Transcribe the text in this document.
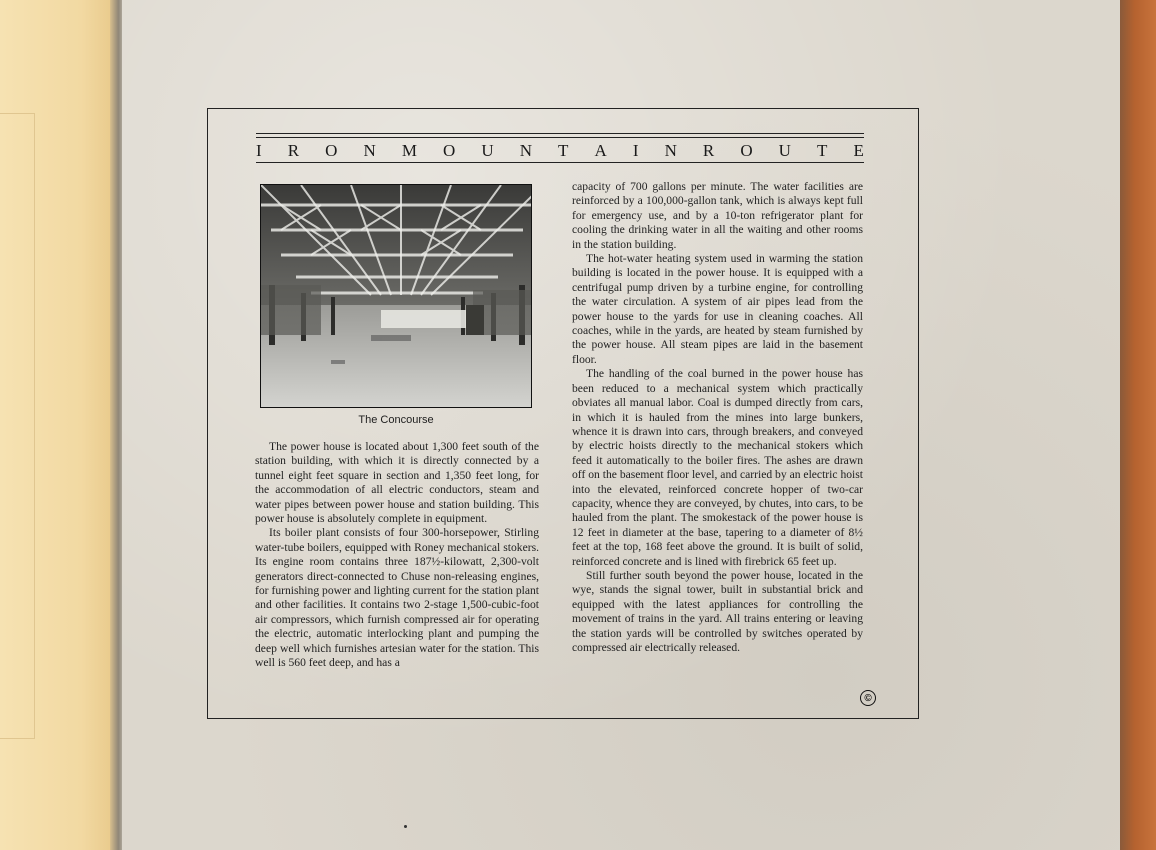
I R O N M O U N T A I N R O U T E
The Concourse

The power house is located about 1,300 feet south of the station building, with which it is directly connected by a tunnel eight feet square in section and 1,350 feet long, for the accommodation of all electric conductors, steam and water pipes between power house and station building. This power house is absolutely complete in equipment.

Its boiler plant consists of four 300-horsepower, Stirling water-tube boilers, equipped with Roney mechanical stokers. Its engine room contains three 187½-kilowatt, 2,300-volt generators direct-connected to Chuse non-releasing engines, for furnishing power and lighting current for the station plant and other facilities. It contains two 2-stage 1,500-cubic-foot air compressors, which furnish compressed air for operating the electric, automatic interlocking plant and pumping the deep well which furnishes artesian water for the station. This well is 560 feet deep, and has a

capacity of 700 gallons per minute. The water facilities are reinforced by a 100,000-gallon tank, which is always kept full for emergency use, and by a 10-ton refrigerator plant for cooling the drinking water in all the waiting and other rooms in the station building.

The hot-water heating system used in warming the station building is located in the power house. It is equipped with a centrifugal pump driven by a turbine engine, for controlling the water circulation. A system of air pipes lead from the power house to the yards for use in cleaning coaches. All coaches, while in the yards, are heated by steam furnished by the power house. All steam pipes are laid in the basement floor.

The handling of the coal burned in the power house has been reduced to a mechanical system which practically obviates all manual labor. Coal is dumped directly from cars, in which it is hauled from the mines into large bunkers, whence it is drawn into cars, through breakers, and conveyed by electric hoists directly to the mechanical stokers which feed it automatically to the boiler fires. The ashes are drawn off on the basement floor level, and carried by an electric hoist into the elevated, reinforced concrete hopper of two-car capacity, whence they are conveyed, by chutes, into cars, to be hauled from the plant. The smokestack of the power house is 12 feet in diameter at the base, tapering to a diameter of 8½ feet at the top, 168 feet above the ground. It is built of solid, reinforced concrete and is lined with firebrick 65 feet up.

Still further south beyond the power house, located in the wye, stands the signal tower, built in substantial brick and equipped with the latest appliances for controlling the movement of trains in the yard. All trains entering or leaving the station yards will be controlled by switches operated by compressed air electrically released.

©
